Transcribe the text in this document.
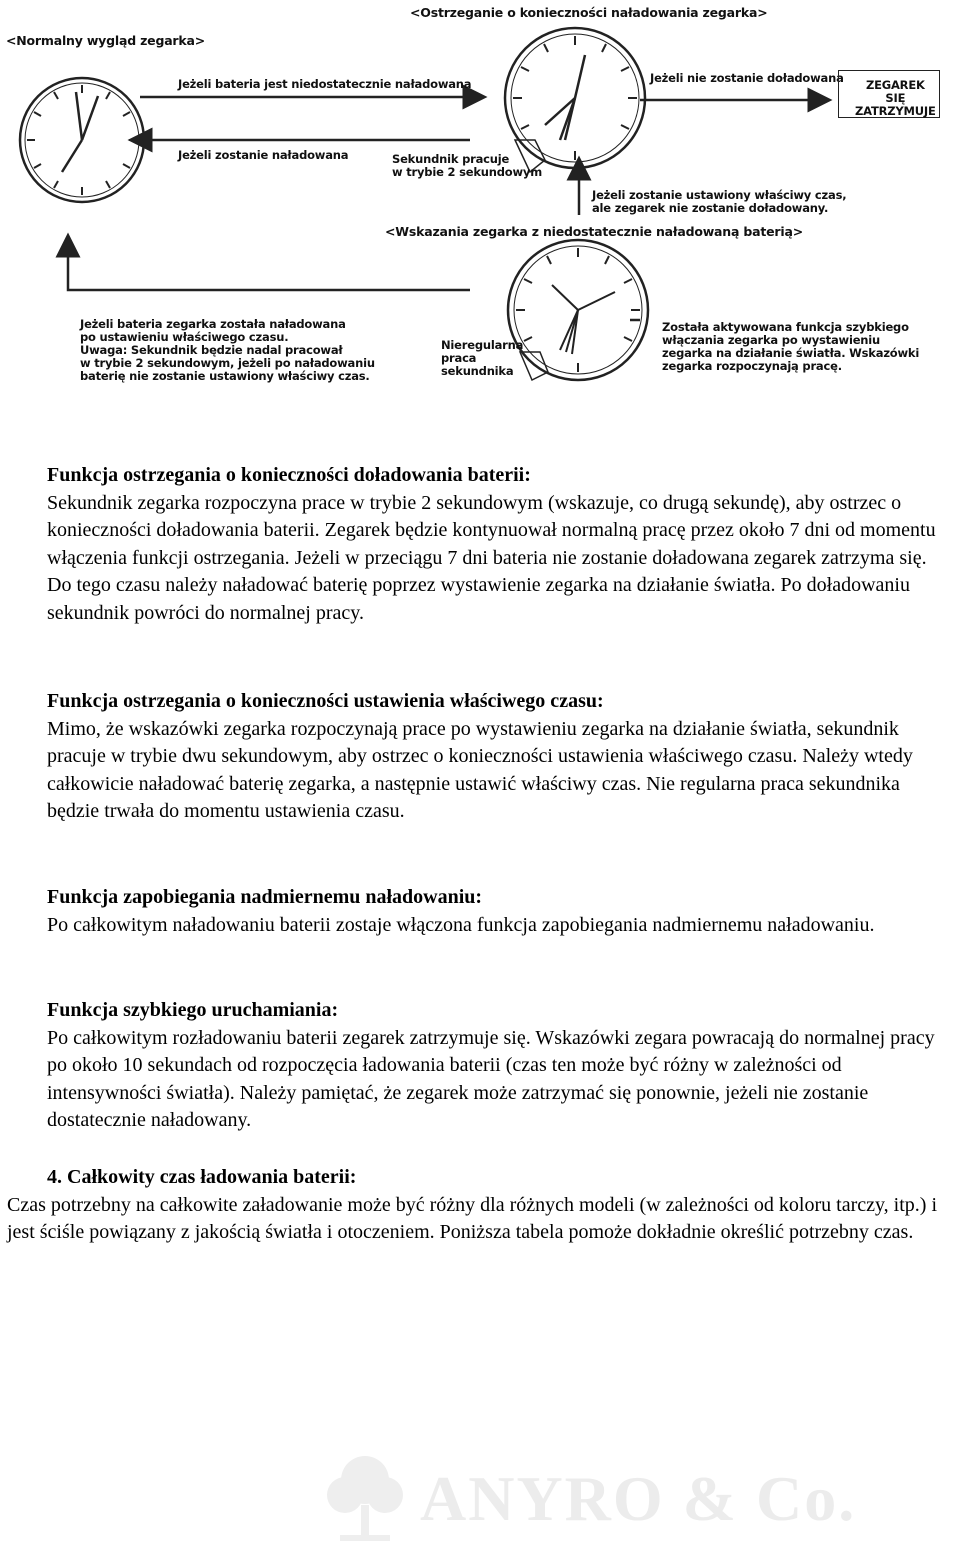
<Ostrzeganie o konieczności naładowania zegarka>
<Normalny wygląd zegarka>
Jeżeli bateria jest niedostatecznie naładowana
Jeżeli zostanie naładowana	Sekundnik pracuje
w trybie 2 sekundowym
Jeżeli nie zostanie doładowana	ZEGAREK
SIĘ
ZATRZYMUJE
Jeżeli zostanie ustawiony właściwy czas,
ale zegarek nie zostanie doładowany.
<Wskazania zegarka z niedostatecznie naładowaną baterią>
Jeżeli bateria zegarka została naładowana
po ustawieniu właściwego czasu.
Uwaga: Sekundnik będzie nadal pracował
w trybie 2 sekundowym, jeżeli po naładowaniu
baterię nie zostanie ustawiony właściwy czas.
Nieregularna
praca
sekundnika
Została aktywowana funkcja szybkiego
włączania zegarka po wystawieniu
zegarka na działanie światła. Wskazówki
zegarka rozpoczynają pracę.
Funkcja ostrzegania o konieczności doładowania baterii:

Sekundnik zegarka rozpoczyna prace w trybie 2 sekundowym (wskazuje, co drugą sekundę), aby ostrzec o konieczności doładowania baterii. Zegarek będzie kontynuował normalną pracę przez około 7 dni od momentu włączenia funkcji ostrzegania. Jeżeli w przeciągu 7 dni bateria nie zostanie doładowana zegarek zatrzyma się. Do tego czasu należy naładować baterię poprzez wystawienie zegarka na działanie światła. Po doładowaniu sekundnik powróci do normalnej pracy.

Funkcja ostrzegania o konieczności ustawienia właściwego czasu:

Mimo, że wskazówki zegarka rozpoczynają prace po wystawieniu zegarka na działanie światła, sekundnik pracuje w trybie dwu sekundowym, aby ostrzec o konieczności ustawienia właściwego czasu. Należy wtedy całkowicie naładować baterię zegarka, a następnie ustawić właściwy czas. Nie regularna praca sekundnika będzie trwała do momentu ustawienia czasu.

Funkcja zapobiegania nadmiernemu naładowaniu:

Po całkowitym naładowaniu baterii zostaje włączona funkcja zapobiegania nadmiernemu naładowaniu.

Funkcja szybkiego uruchamiania:

Po całkowitym rozładowaniu baterii zegarek zatrzymuje się. Wskazówki zegara powracają do normalnej pracy po około 10 sekundach od rozpoczęcia ładowania baterii (czas ten może być różny w zależności od intensywności światła). Należy pamiętać, że zegarek może zatrzymać się ponownie, jeżeli nie zostanie dostatecznie naładowany.

4. Całkowity czas ładowania baterii:

Czas potrzebny na całkowite załadowanie może być różny dla różnych modeli (w zależności od koloru tarczy, itp.) i jest ściśle powiązany z jakością światła i otoczeniem. Poniższa tabela pomoże dokładnie określić potrzebny czas.

ANYRO & Co.
